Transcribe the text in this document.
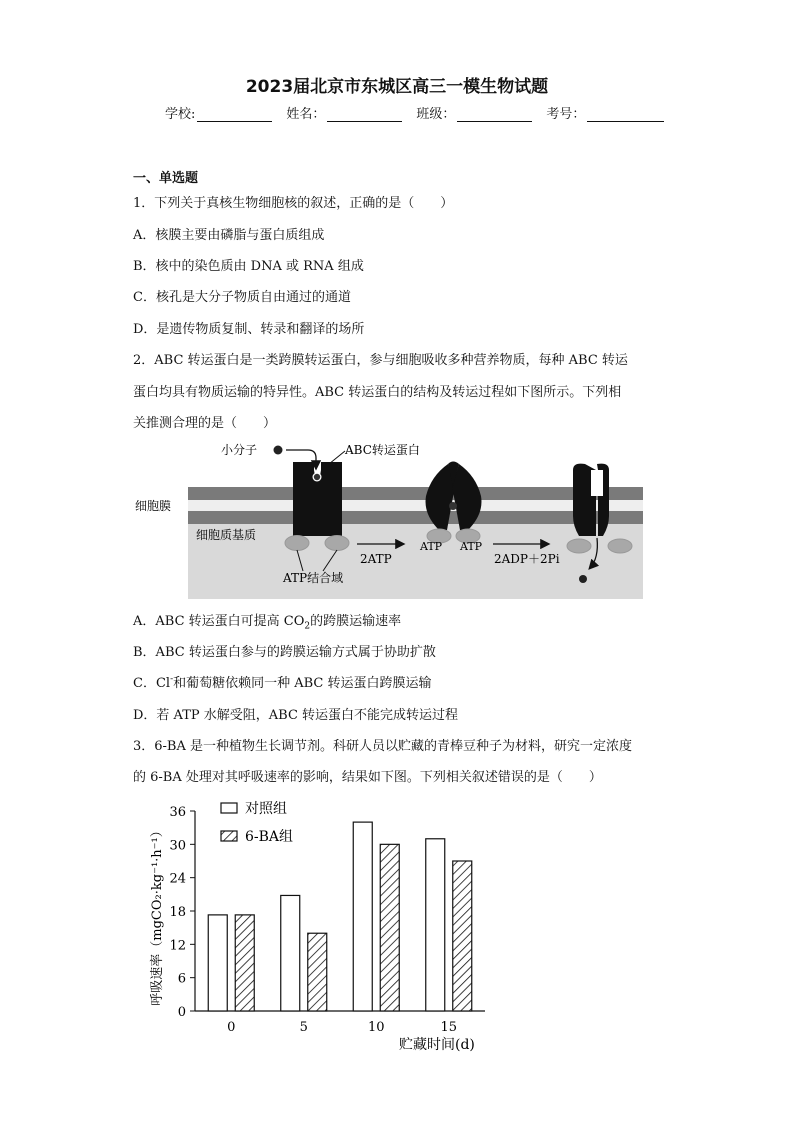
2023届北京市东城区高三一模生物试题
学校:	姓名：	班级：	考号：
一、单选题
1．下列关于真核生物细胞核的叙述，正确的是（　　）
A．核膜主要由磷脂与蛋白质组成
B．核中的染色质由 DNA 或 RNA 组成
C．核孔是大分子物质自由通过的通道
D．是遗传物质复制、转录和翻译的场所
2．ABC 转运蛋白是一类跨膜转运蛋白，参与细胞吸收多种营养物质，每种 ABC 转运
蛋白均具有物质运输的特异性。ABC 转运蛋白的结构及转运过程如下图所示。下列相
关推测合理的是（　　）
小分子	ABC转运蛋白
细胞膜
细胞质基质
ATP结合域
2ATP
ATP ATP
2ADP＋2Pi
A．ABC 转运蛋白可提高 $CO_2$的跨膜运输速率
B．ABC 转运蛋白参与的跨膜运输方式属于协助扩散
C．Cl-和葡萄糖依赖同一种 ABC 转运蛋白跨膜运输
D．若 ATP 水解受阻，ABC 转运蛋白不能完成转运过程
3．6-BA 是一种植物生长调节剂。科研人员以贮藏的青棒豆种子为材料，研究一定浓度
的 6-BA 处理对其呼吸速率的影响，结果如下图。下列相关叙述错误的是（　　）
0
6
12
18
24
30
36
0	5	10	15
呼吸速率（mgCO₂·kg⁻¹·h⁻¹）
贮藏时间(d)
对照组
6-BA组
